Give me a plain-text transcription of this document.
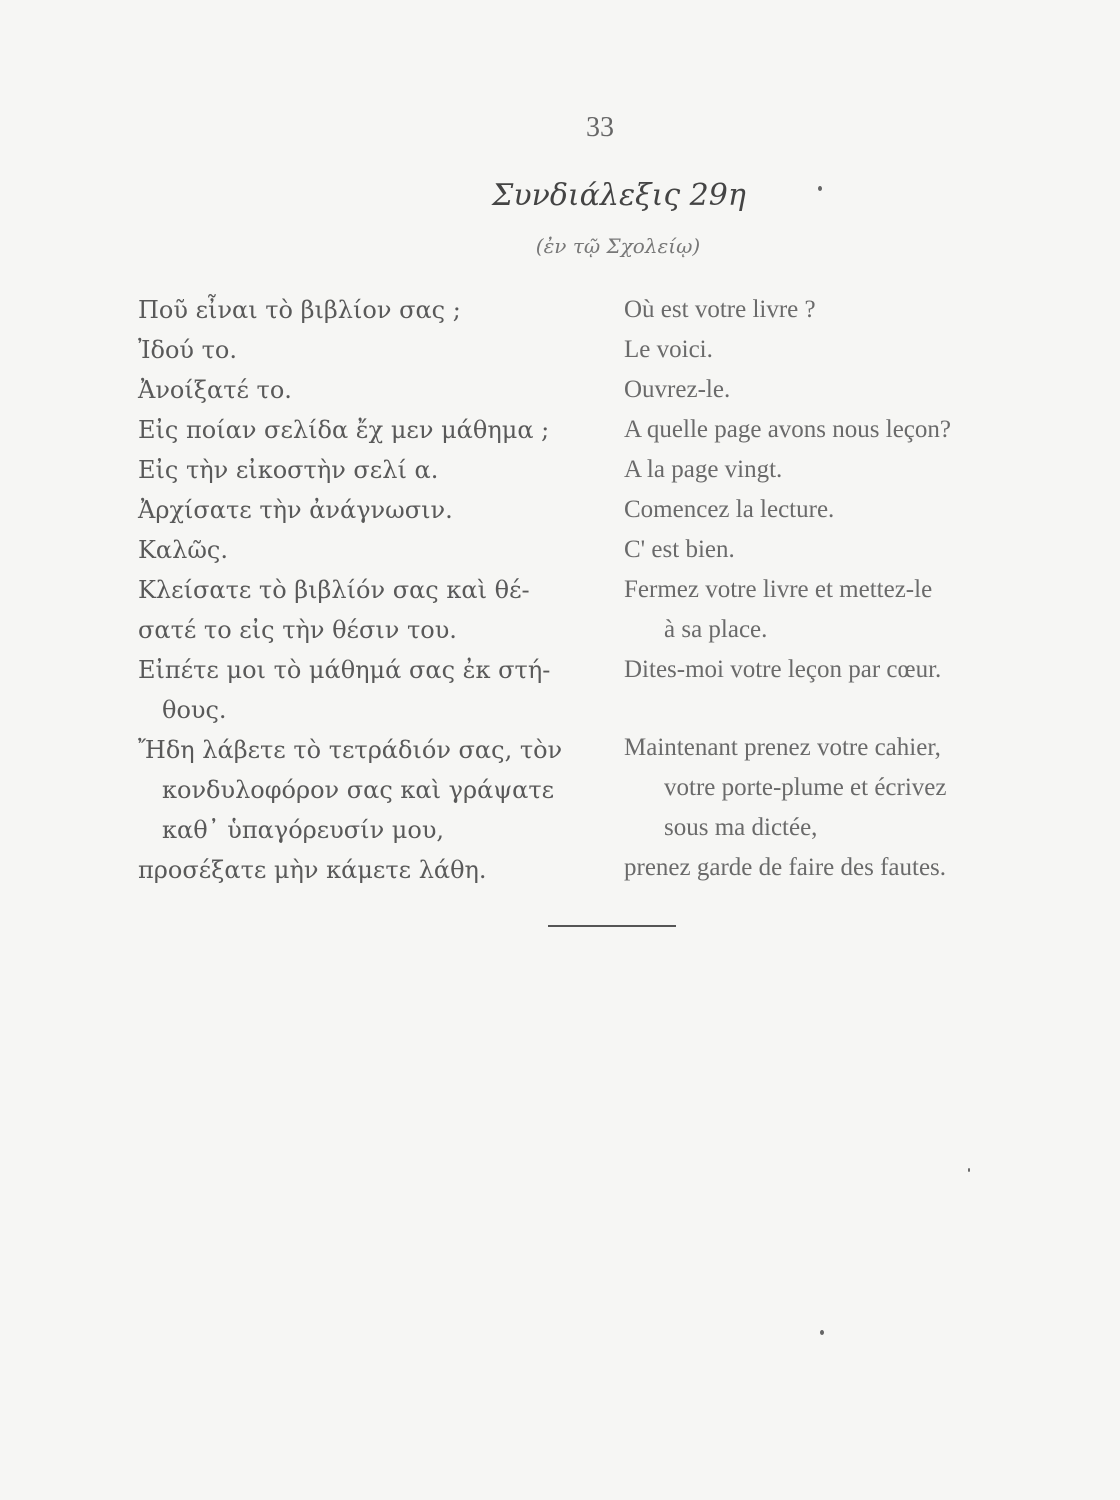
33
Συνδιάλεξις 29η
(ἐν τῷ Σχολείῳ)
Ποῦ εἶναι τὸ βιβλίον σας ;
Ἰδού το.
Ἀνοίξατέ το.
Εἰς ποίαν σελίδα ἔχ μεν μάθημα ;
Εἰς τὴν εἰκοστὴν σελί α.
Ἀρχίσατε τὴν ἀνάγνωσιν.
Καλῶς.
Κλείσατε τὸ βιβλίόν σας καὶ θέ-
σατέ το εἰς τὴν θέσιν του.
Εἰπέτε μοι τὸ μάθημά σας ἐκ στή-
θους.
Ἤδη λάβετε τὸ τετράδιόν σας, τὸν
κονδυλοφόρον σας καὶ γράψατε
καθ᾽ ὑπαγόρευσίν μου,
προσέξατε μὴν κάμετε λάθη.
Où est votre livre ?
Le voici.
Ouvrez-le.
A quelle page avons nous leçon?
A la page vingt.
Comencez la lecture.
C' est bien.
Fermez votre livre et mettez-le
à sa place.
Dites-moi votre leçon par cœur.
Maintenant prenez votre cahier,
votre porte-plume et écrivez
sous ma dictée,
prenez garde de faire des fautes.
